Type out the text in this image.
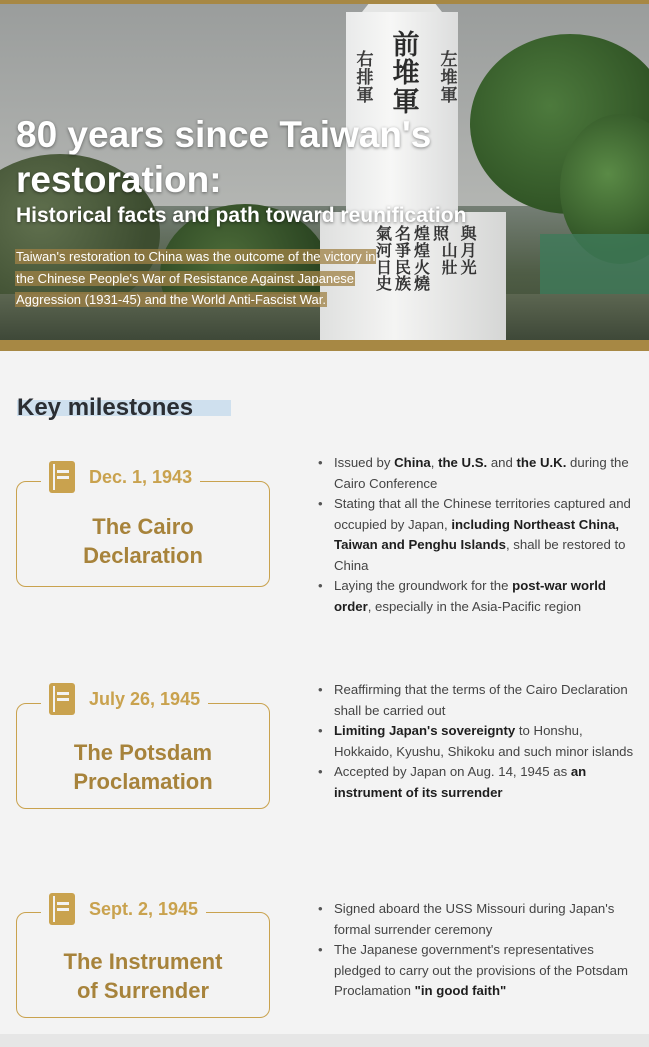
前堆軍
右排軍
左堆軍
氣名煌照 與河爭煌 山月日民火 壯光史族燒
80 years since Taiwan's restoration:
Historical facts and path toward reunification

Taiwan's restoration to China was the outcome of the victory in the Chinese People's War of Resistance Against Japanese Aggression (1931-45) and the World Anti-Fascist War.

Key milestones
The Cairo
Declaration
Dec. 1, 1943
• Issued by China, the U.S. and the U.K. during the Cairo Conference
• Stating that all the Chinese territories captured and occupied by Japan, including Northeast China, Taiwan and Penghu Islands, shall be restored to China
• Laying the groundwork for the post-war world order, especially in the Asia-Pacific region
The Potsdam
Proclamation
July 26, 1945	• Reaffirming that the terms of the Cairo Declaration shall be carried out
• Limiting Japan's sovereignty to Honshu, Hokkaido, Kyushu, Shikoku and such minor islands
• Accepted by Japan on Aug. 14, 1945 as an instrument of its surrender
The Instrument
of Surrender
Sept. 2, 1945	• Signed aboard the USS Missouri during Japan's formal surrender ceremony
• The Japanese government's representatives pledged to carry out the provisions of the Potsdam Proclamation "in good faith"
